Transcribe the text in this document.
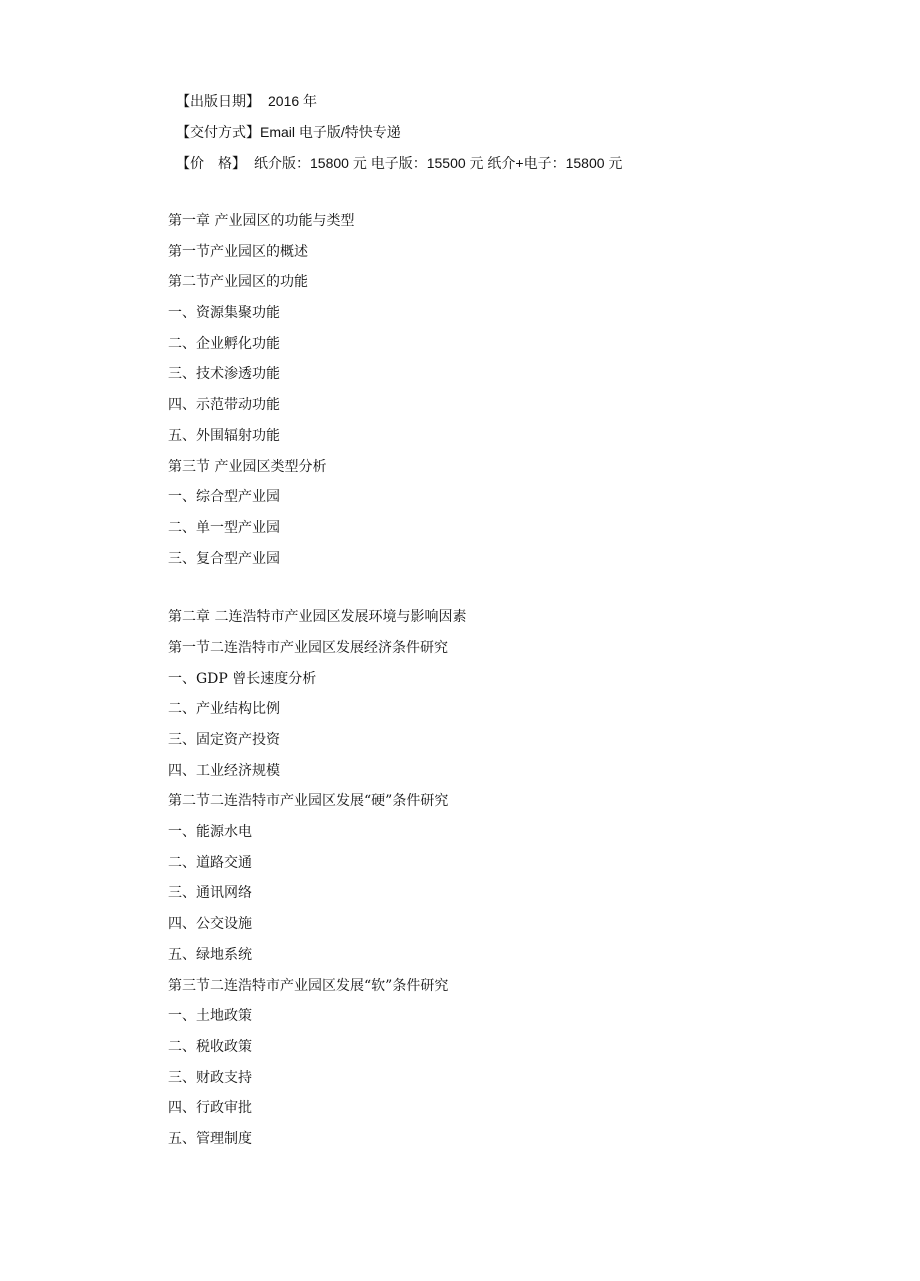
【出版日期】 2016 年
【交付方式】Email 电子版/特快专递
【价　格】 纸介版：15800 元 电子版：15500 元 纸介+电子：15800 元
第一章 产业园区的功能与类型
第一节产业园区的概述
第二节产业园区的功能
一、资源集聚功能
二、企业孵化功能
三、技术渗透功能
四、示范带动功能
五、外围辐射功能
第三节 产业园区类型分析
一、综合型产业园
二、单一型产业园
三、复合型产业园
第二章 二连浩特市产业园区发展环境与影响因素
第一节二连浩特市产业园区发展经济条件研究
一、GDP 曾长速度分析
二、产业结构比例
三、固定资产投资
四、工业经济规模
第二节二连浩特市产业园区发展“硬”条件研究
一、能源水电
二、道路交通
三、通讯网络
四、公交设施
五、绿地系统
第三节二连浩特市产业园区发展“软”条件研究
一、土地政策
二、税收政策
三、财政支持
四、行政审批
五、管理制度
